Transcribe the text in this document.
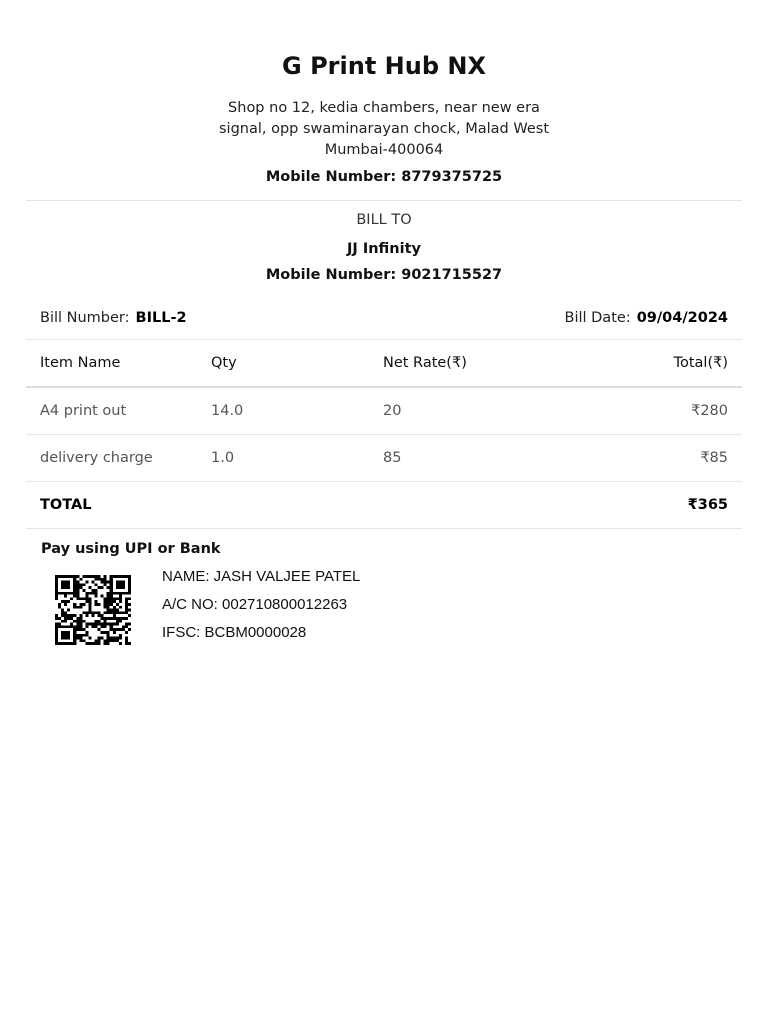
G Print Hub NX
Shop no 12, kedia chambers, near new era
signal, opp swaminarayan chock, Malad West
Mumbai-400064
Mobile Number: 8779375725
BILL TO
JJ Infinity
Mobile Number: 9021715527
Bill Number: BILL-2	Bill Date: 09/04/2024
Item Name	Qty	Net Rate(₹)	Total(₹)
A4 print out	14.0	20	₹280
delivery charge	1.0	85	₹85
TOTAL			₹365
Pay using UPI or Bank
NAME: JASH VALJEE PATEL
A/C NO: 002710800012263
IFSC: BCBM0000028
